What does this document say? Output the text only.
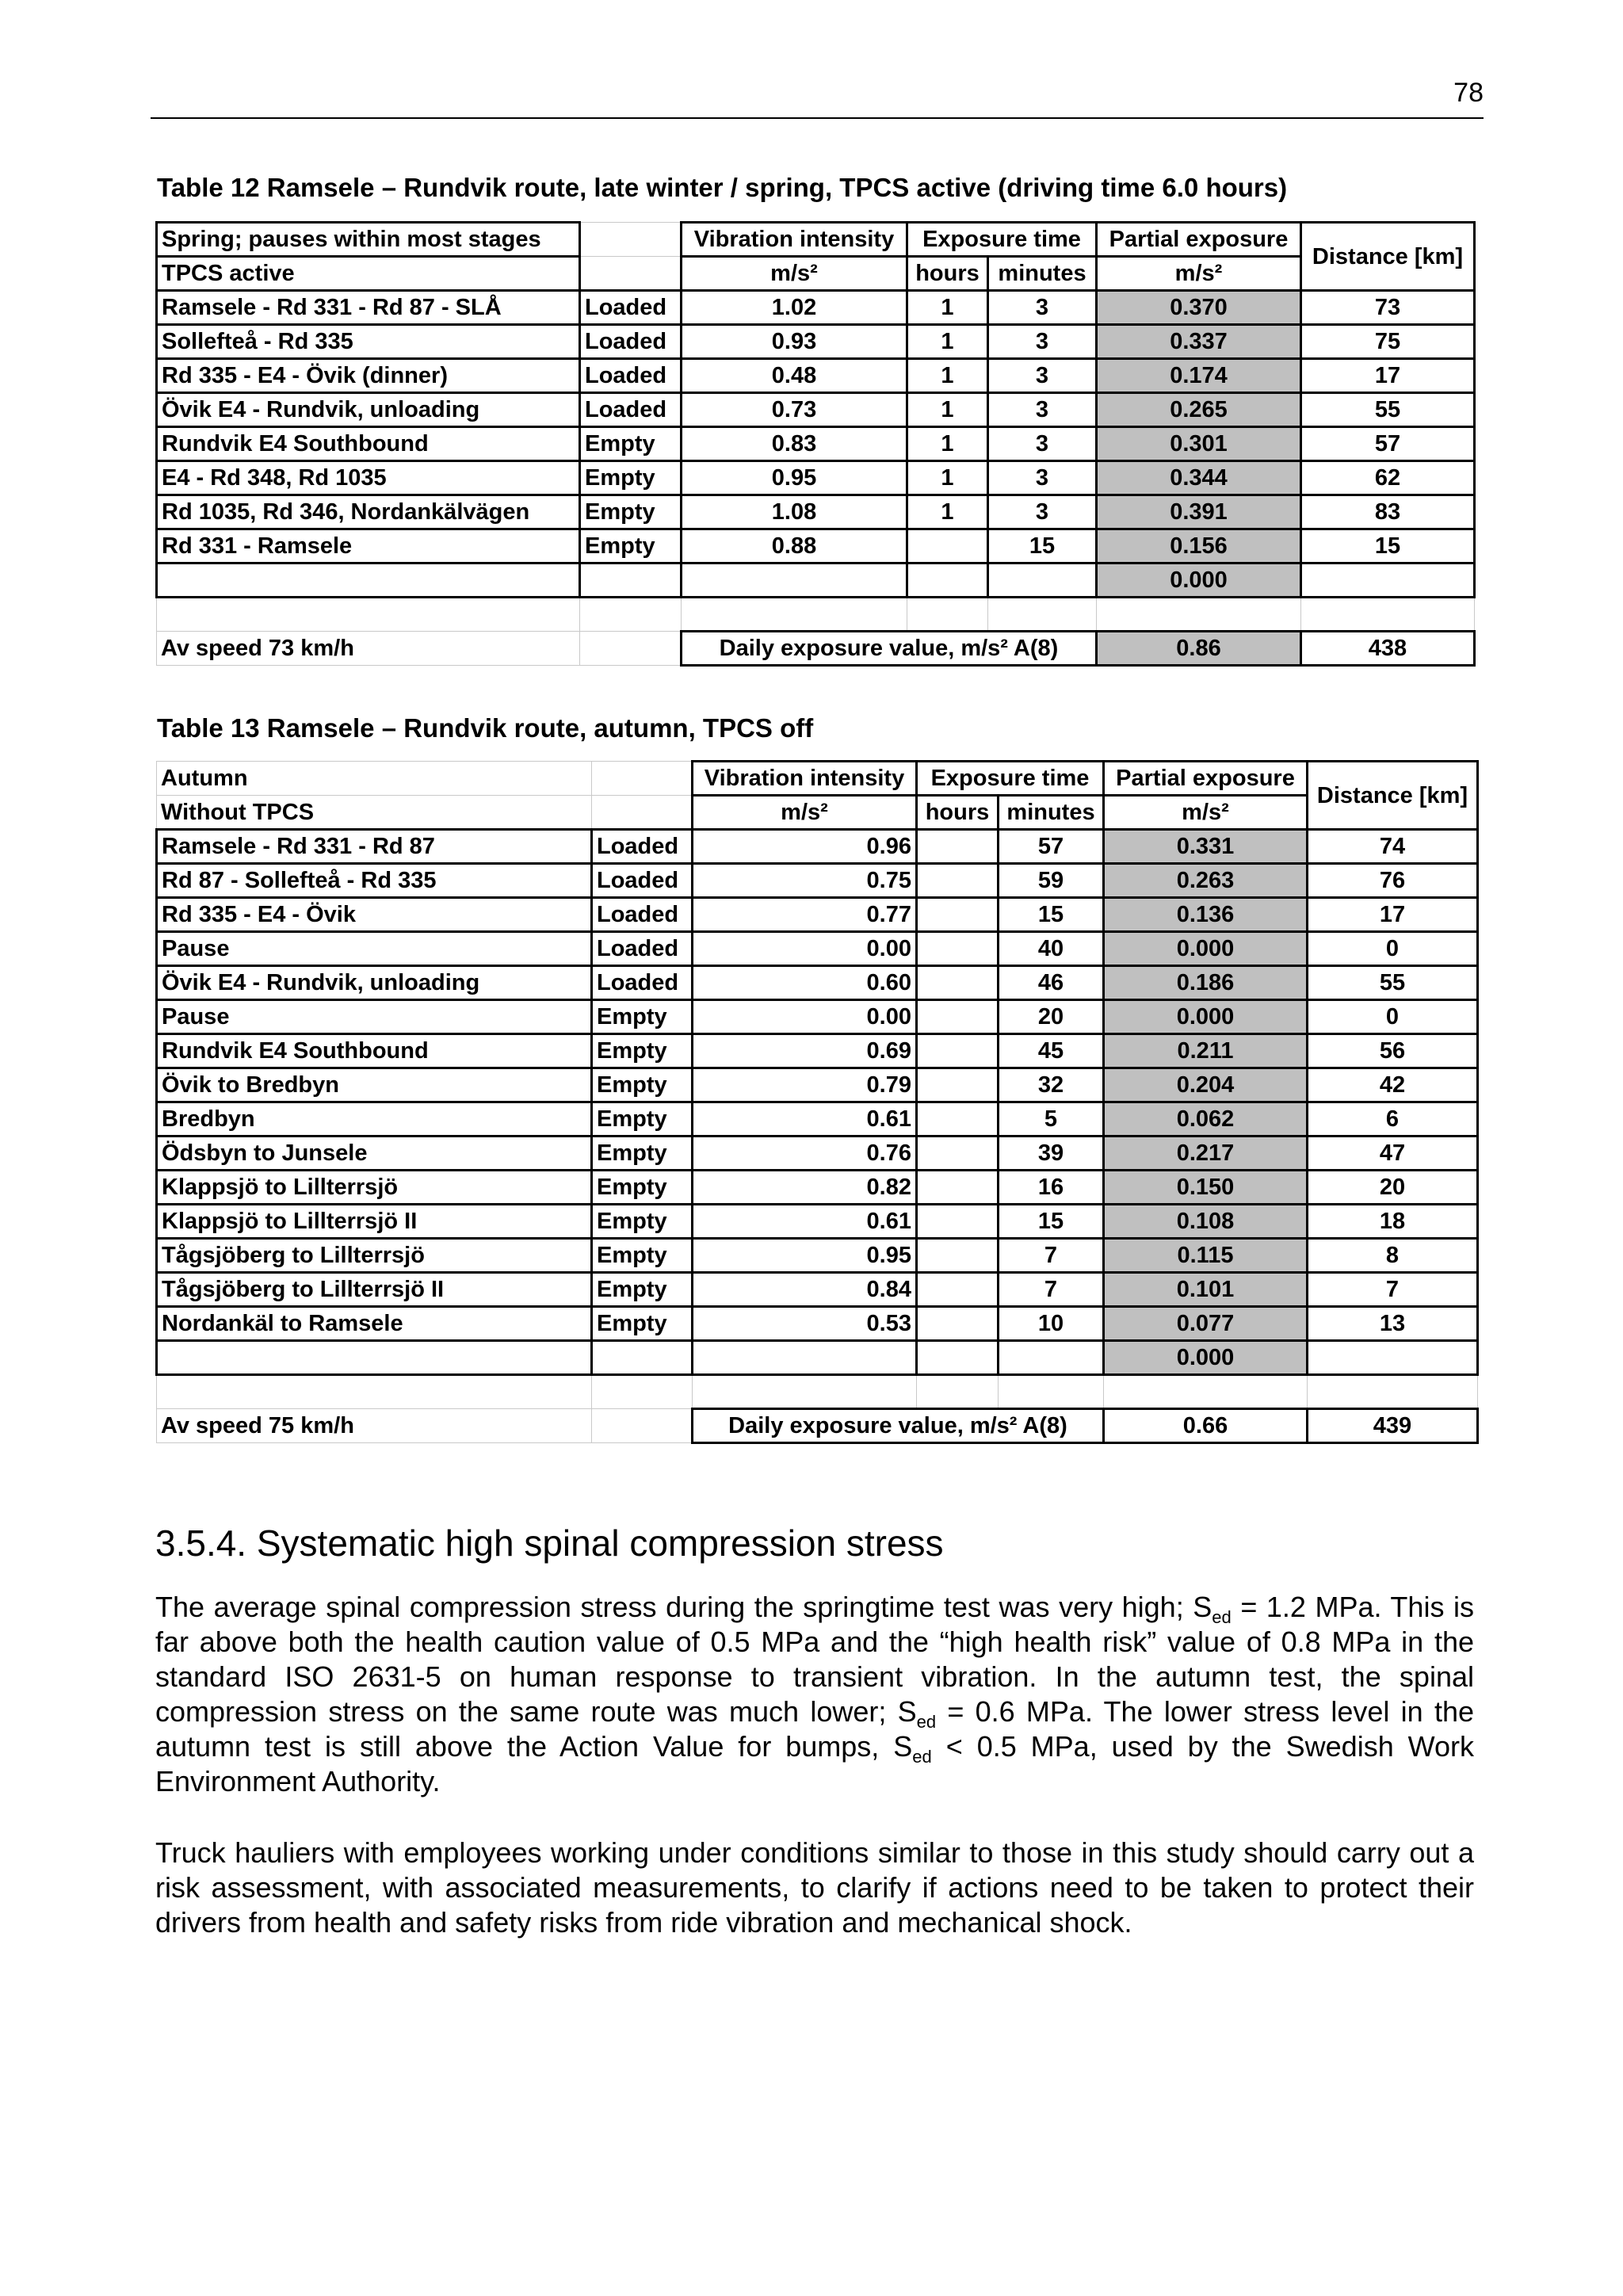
78
Table 12 Ramsele – Rundvik route, late winter / spring, TPCS active (driving time 6.0 hours)
Spring; pauses within most stages		Vibration intensity	Exposure time		Partial exposure	Distance [km]
TPCS active		m/s²	hours	minutes	m/s²	
Ramsele - Rd 331 - Rd 87 - SLÅ	Loaded	1.02	1	3	0.370	73
Sollefteå - Rd 335	Loaded	0.93	1	3	0.337	75
Rd 335 - E4 - Övik (dinner)	Loaded	0.48	1	3	0.174	17
Övik E4 - Rundvik, unloading	Loaded	0.73	1	3	0.265	55
Rundvik E4 Southbound	Empty	0.83	1	3	0.301	57
E4 - Rd 348, Rd 1035	Empty	0.95	1	3	0.344	62
Rd 1035, Rd 346, Nordankälvägen	Empty	1.08	1	3	0.391	83
Rd 331 - Ramsele	Empty	0.88		15	0.156	15
					0.000	

Av speed 73 km/h		Daily exposure value, m/s² A(8)			0.86	438
Table 13 Ramsele – Rundvik route, autumn, TPCS off
Autumn		Vibration intensity	Exposure time		Partial exposure	Distance [km]
Without TPCS		m/s²	hours	minutes	m/s²	
Ramsele - Rd 331 - Rd 87	Loaded	0.96		57	0.331	74
Rd 87 - Sollefteå - Rd 335	Loaded	0.75		59	0.263	76
Rd 335 - E4 - Övik	Loaded	0.77		15	0.136	17
Pause	Loaded	0.00		40	0.000	0
Övik E4 - Rundvik, unloading	Loaded	0.60		46	0.186	55
Pause	Empty	0.00		20	0.000	0
Rundvik E4 Southbound	Empty	0.69		45	0.211	56
Övik to Bredbyn	Empty	0.79		32	0.204	42
Bredbyn	Empty	0.61		5	0.062	6
Ödsbyn to Junsele	Empty	0.76		39	0.217	47
Klappsjö to Lillterrsjö	Empty	0.82		16	0.150	20
Klappsjö to Lillterrsjö II	Empty	0.61		15	0.108	18
Tågsjöberg to Lillterrsjö	Empty	0.95		7	0.115	8
Tågsjöberg to Lillterrsjö II	Empty	0.84		7	0.101	7
Nordankäl to Ramsele	Empty	0.53		10	0.077	13
					0.000	

Av speed 75 km/h		Daily exposure value, m/s² A(8)			0.66	439
3.5.4. Systematic high spinal compression stress
The average spinal compression stress during the springtime test was very high; $S_{ed} = 1.2$ MPa. This is far above both the health caution value of 0.5 MPa and the “high health risk” value of 0.8 MPa in the standard ISO 2631-5 on human response to transient vibration. In the autumn test, the spinal compression stress on the same route was much lower; $S_{ed} = 0.6$ MPa. The lower stress level in the autumn test is still above the Action Value for bumps, $S_{ed} < 0.5$ MPa, used by the Swedish Work Environment Authority.
Truck hauliers with employees working under conditions similar to those in this study should carry out a risk assessment, with associated measurements, to clarify if actions need to be taken to protect their drivers from health and safety risks from ride vibration and mechanical shock.
